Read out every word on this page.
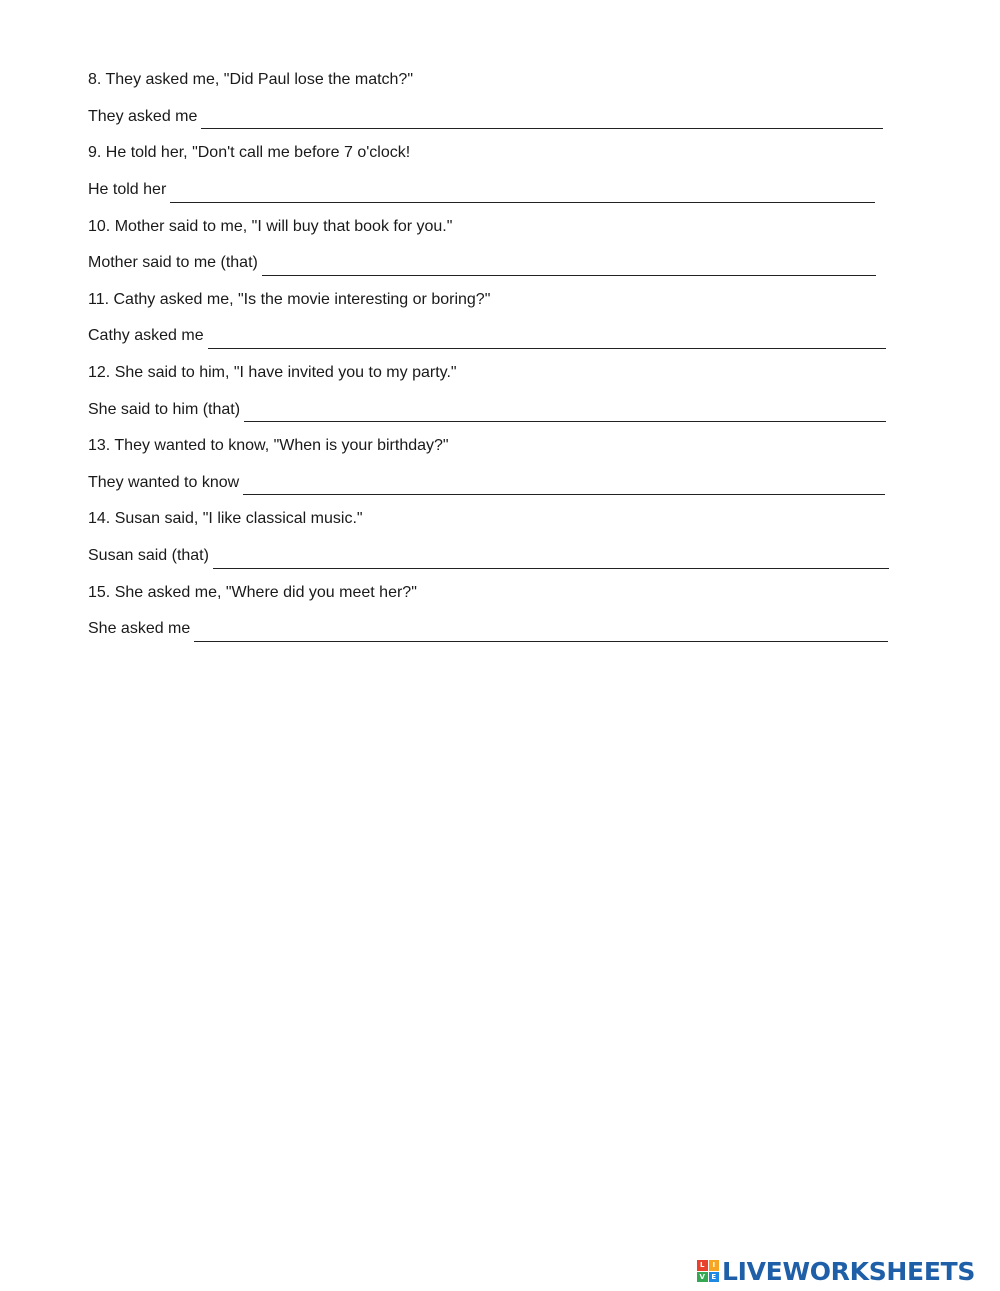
8. They asked me, "Did Paul lose the match?"
They asked me
9. He told her, "Don't call me before 7 o'clock!
He told her
10. Mother said to me, "I will buy that book for you."
Mother said to me (that)
11. Cathy asked me, "Is the movie interesting or boring?"
Cathy asked me
12. She said to him, "I have invited you to my party."
She said to him (that)
13. They wanted to know, "When is your birthday?"
They wanted to know
14. Susan said, "I like classical music."
Susan said (that)
15. She asked me, "Where did you meet her?"
She asked me
L	I
V E LIVEWORKSHEETS
